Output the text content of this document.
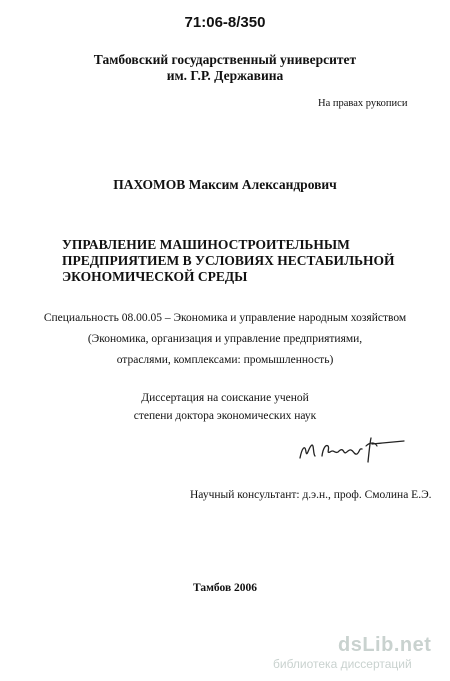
71:06-8/350
Тамбовский государственный университет
им. Г.Р. Державина
На правах рукописи
ПАХОМОВ Максим Александрович
УПРАВЛЕНИЕ МАШИНОСТРОИТЕЛЬНЫМ
ПРЕДПРИЯТИЕМ В УСЛОВИЯХ НЕСТАБИЛЬНОЙ
ЭКОНОМИЧЕСКОЙ СРЕДЫ
Специальность 08.00.05 – Экономика и управление народным хозяйством
(Экономика, организация и управление предприятиями,
отраслями, комплексами: промышленность)
Диссертация на соискание ученой
степени доктора экономических наук
Научный консультант: д.э.н., проф. Смолина Е.Э.
Тамбов 2006
dsLib.net
библиотека диссертаций
